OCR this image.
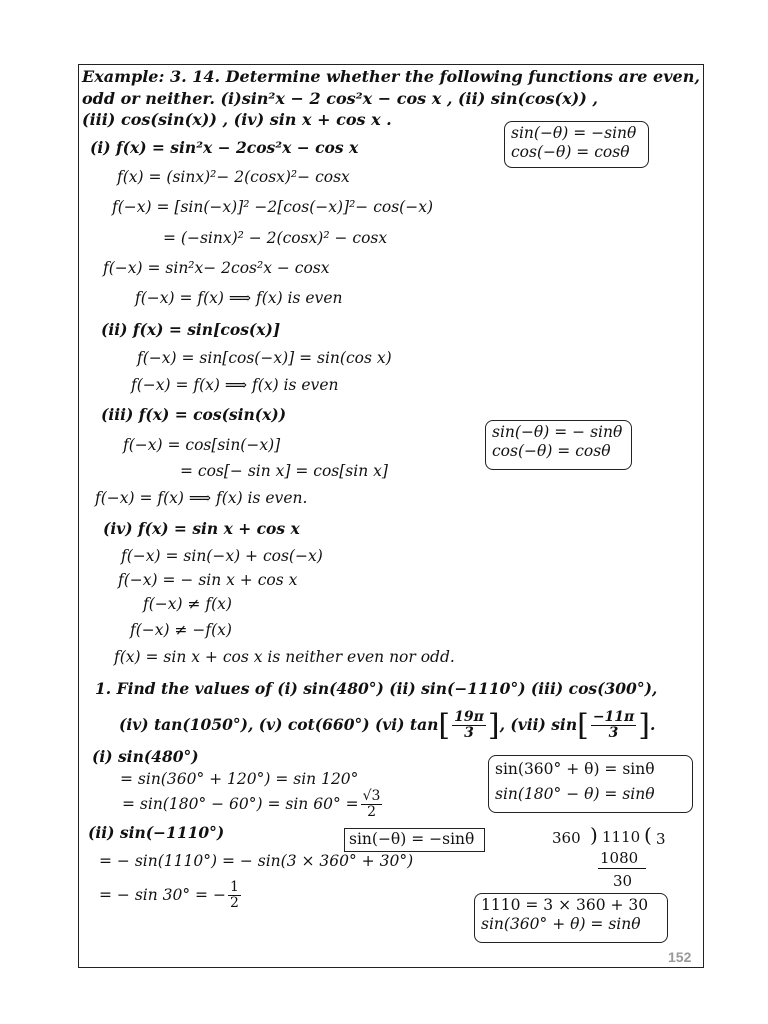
Example: 3. 14. Determine whether the following functions are even,
odd or neither. (i)sin²x − 2 cos²x − cos x , (ii) sin(cos(x)) ,
(iii) cos(sin(x)) , (iv) sin x + cos x .
sin(−θ) = −sinθ
cos(−θ) = cosθ
(i) f(x) = sin²x − 2cos²x − cos x
f(x) = (sinx)²− 2(cosx)²− cosx
f(−x) = [sin(−x)]² −2[cos(−x)]²− cos(−x)
= (−sinx)² − 2(cosx)² − cosx
f(−x) = sin²x− 2cos²x − cosx
f(−x) = f(x) ⟹ f(x) is even
(ii) f(x) = sin[cos(x)]
f(−x) = sin[cos(−x)] = sin(cos x)
f(−x) = f(x) ⟹ f(x) is even
(iii) f(x) = cos(sin(x))
f(−x) = cos[sin(−x)]
= cos[− sin x] = cos[sin x]
f(−x) = f(x) ⟹ f(x) is even.
sin(−θ) = − sinθ
cos(−θ) = cosθ
(iv) f(x) = sin x + cos x
f(−x) = sin(−x) + cos(−x)
f(−x) = − sin x + cos x
f(−x) ≠ f(x)
f(−x) ≠ −f(x)
f(x) = sin x + cos x is neither even nor odd.
1. Find the values of (i) sin(480°) (ii) sin(−1110°) (iii) cos(300°),
(iv) tan(1050°), (v) cot(660°) (vi) tan [ $\frac{19\pi}{3}$ ] , (vii) sin [ $\frac{-11\pi}{3}$ ] .
(i) sin(480°)
= sin(360° + 120°) = sin 120°
= $\sin(180^\circ - 60^\circ) = \sin 60^\circ = \frac{√3}{2}$
sin(360° + θ) = sinθ
sin(180° − θ) = sinθ
(ii) sin(−1110°)
= − sin(1110°) = − sin(3 × 360° + 30°)
= − sin 30° = − $\frac{1}{2}$
sin(−θ) = −sinθ	360 ) 1110 ( 3
1080
30
1110 = 3 × 360 + 30
sin(360° + θ) = sinθ
152
